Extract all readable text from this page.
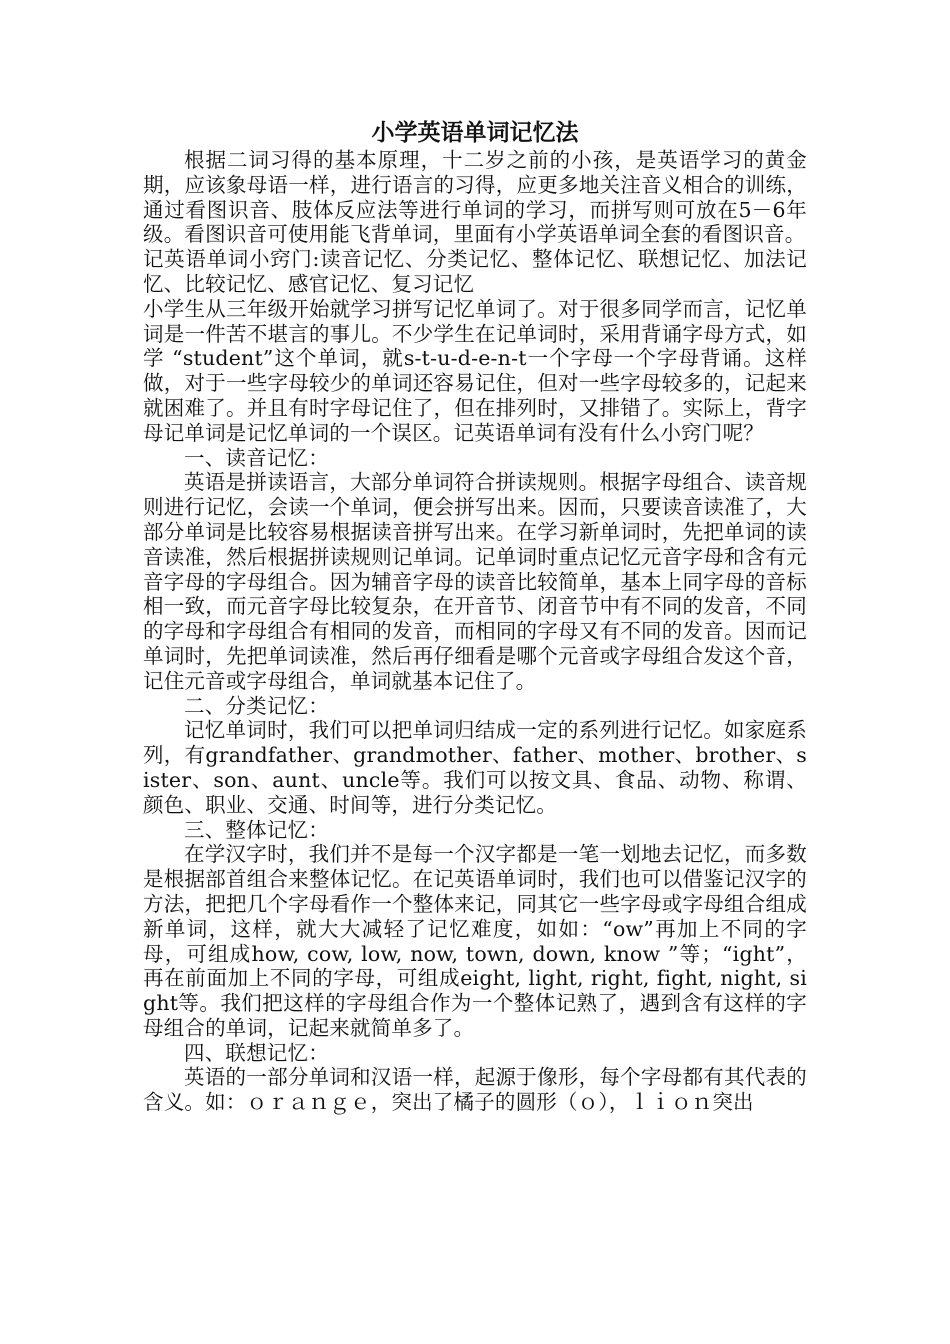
小学英语单词记忆法

根据二词习得的基本原理，十二岁之前的小孩，是英语学习的黄金期，应该象母语一样，进行语言的习得，应更多地关注音义相合的训练，通过看图识音、肢体反应法等进行单词的学习，而拼写则可放在5－6年级。看图识音可使用能飞背单词，里面有小学英语单词全套的看图识音。

记英语单词小窍门:读音记忆、分类记忆、整体记忆、联想记忆、加法记忆、比较记忆、感官记忆、复习记忆

小学生从三年级开始就学习拼写记忆单词了。对于很多同学而言，记忆单词是一件苦不堪言的事儿。不少学生在记单词时，采用背诵字母方式，如学 “student”这个单词，就s-t-u-d-e-n-t一个字母一个字母背诵。这样做，对于一些字母较少的单词还容易记住，但对一些字母较多的，记起来就困难了。并且有时字母记住了，但在排列时，又排错了。实际上，背字母记单词是记忆单词的一个误区。记英语单词有没有什么小窍门呢？

一、读音记忆：

英语是拼读语言，大部分单词符合拼读规则。根据字母组合、读音规则进行记忆，会读一个单词，便会拼写出来。因而，只要读音读准了，大部分单词是比较容易根据读音拼写出来。在学习新单词时，先把单词的读音读准，然后根据拼读规则记单词。记单词时重点记忆元音字母和含有元音字母的字母组合。因为辅音字母的读音比较简单，基本上同字母的音标相一致，而元音字母比较复杂，在开音节、闭音节中有不同的发音，不同的字母和字母组合有相同的发音，而相同的字母又有不同的发音。因而记单词时，先把单词读准，然后再仔细看是哪个元音或字母组合发这个音，记住元音或字母组合，单词就基本记住了。

二、分类记忆：

记忆单词时，我们可以把单词归结成一定的系列进行记忆。如家庭系列，有grandfather、grandmother、father、mother、brother、sister、son、aunt、uncle等。我们可以按文具、食品、动物、称谓、颜色、职业、交通、时间等，进行分类记忆。

三、整体记忆：

在学汉字时，我们并不是每一个汉字都是一笔一划地去记忆，而多数是根据部首组合来整体记忆。在记英语单词时，我们也可以借鉴记汉字的方法，把把几个字母看作一个整体来记，同其它一些字母或字母组合组成新单词，这样，就大大减轻了记忆难度，如如：“ow”再加上不同的字母，可组成how, cow, low, now, town, down, know ”等；“ight”，再在前面加上不同的字母，可组成eight, light, right, fight, night, sight等。我们把这样的字母组合作为一个整体记熟了，遇到含有这样的字母组合的单词，记起来就简单多了。

四、联想记忆：

英语的一部分单词和汉语一样，起源于像形，每个字母都有其代表的含义。如：ｏｒａｎｇｅ，突出了橘子的圆形（ｏ），ｌｉｏｎ突出
